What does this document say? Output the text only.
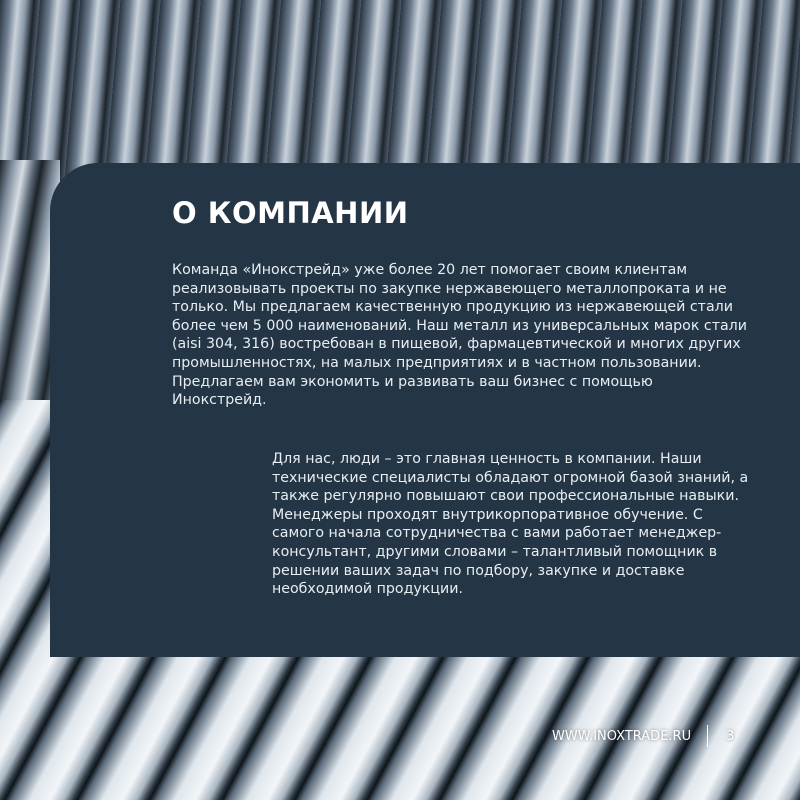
О КОМПАНИИ

Команда «Инокстрейд» уже более 20 лет помогает своим клиентам реализовывать проекты по закупке нержавеющего металлопроката и не только. Мы предлагаем качественную продукцию из нержавеющей стали более чем 5 000 наименований. Наш металл из универсальных марок стали (aisi 304, 316) востребован в пищевой, фармацевтической и многих других промышленностях, на малых предприятиях и в частном пользовании. Предлагаем вам экономить и развивать ваш бизнес с помощью Инокстрейд.

Для нас, люди – это главная ценность в компании. Наши технические специалисты обладают огромной базой знаний, а также регулярно повышают свои профессиональные навыки. Менеджеры проходят внутрикорпоративное обучение. С самого начала сотрудничества с вами работает менеджер-консультант, другими словами – талантливый помощник в решении ваших задач по подбору, закупке и доставке необходимой продукции.

WWW.INOXTRADE.RU	3
